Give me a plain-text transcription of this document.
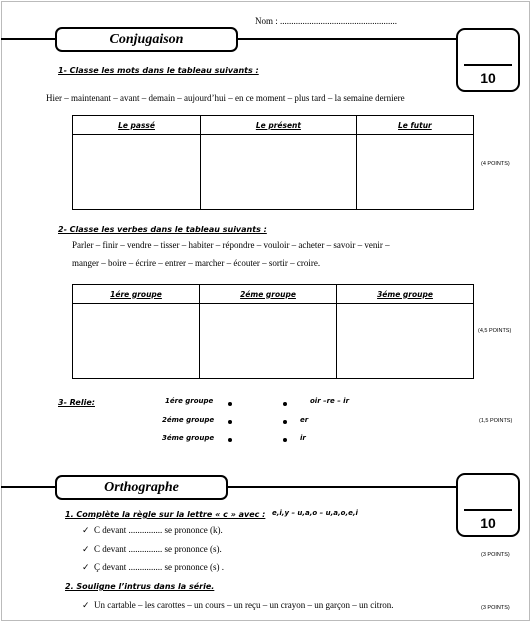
Nom : ....................................................
Conjugaison
10
1- Classe les mots dans le tableau suivants :
Hier – maintenant – avant – demain – aujourd’hui – en ce moment – plus tard – la semaine derniere
Le passé	Le présent	Le futur

(4 POINTS)
2- Classe les verbes dans le tableau suivants :
Parler – finir – vendre – tisser – habiter – répondre – vouloir – acheter – savoir – venir –
manger – boire – écrire – entrer – marcher – écouter – sortir – croire.
1ére groupe	2éme groupe	3éme groupe

(4,5 POINTS)
3- Relie:	1ére groupe
2éme groupe
3éme groupe
oir –re – ir
er
ir
(1,5 POINTS)
Orthographe
10
1. Complète la règle sur la lettre « c » avec : e,i,y – u,a,o – u,a,o,e,i
✓ C devant ............... se prononce (k).
✓ C devant ............... se prononce (s).
✓ Ç devant ............... se prononce (s) .
(3 POINTS)
2. Souligne l’intrus dans la série.
✓ Un cartable – les carottes – un cours – un reçu – un crayon – un garçon – un citron.	(3 POINTS)
